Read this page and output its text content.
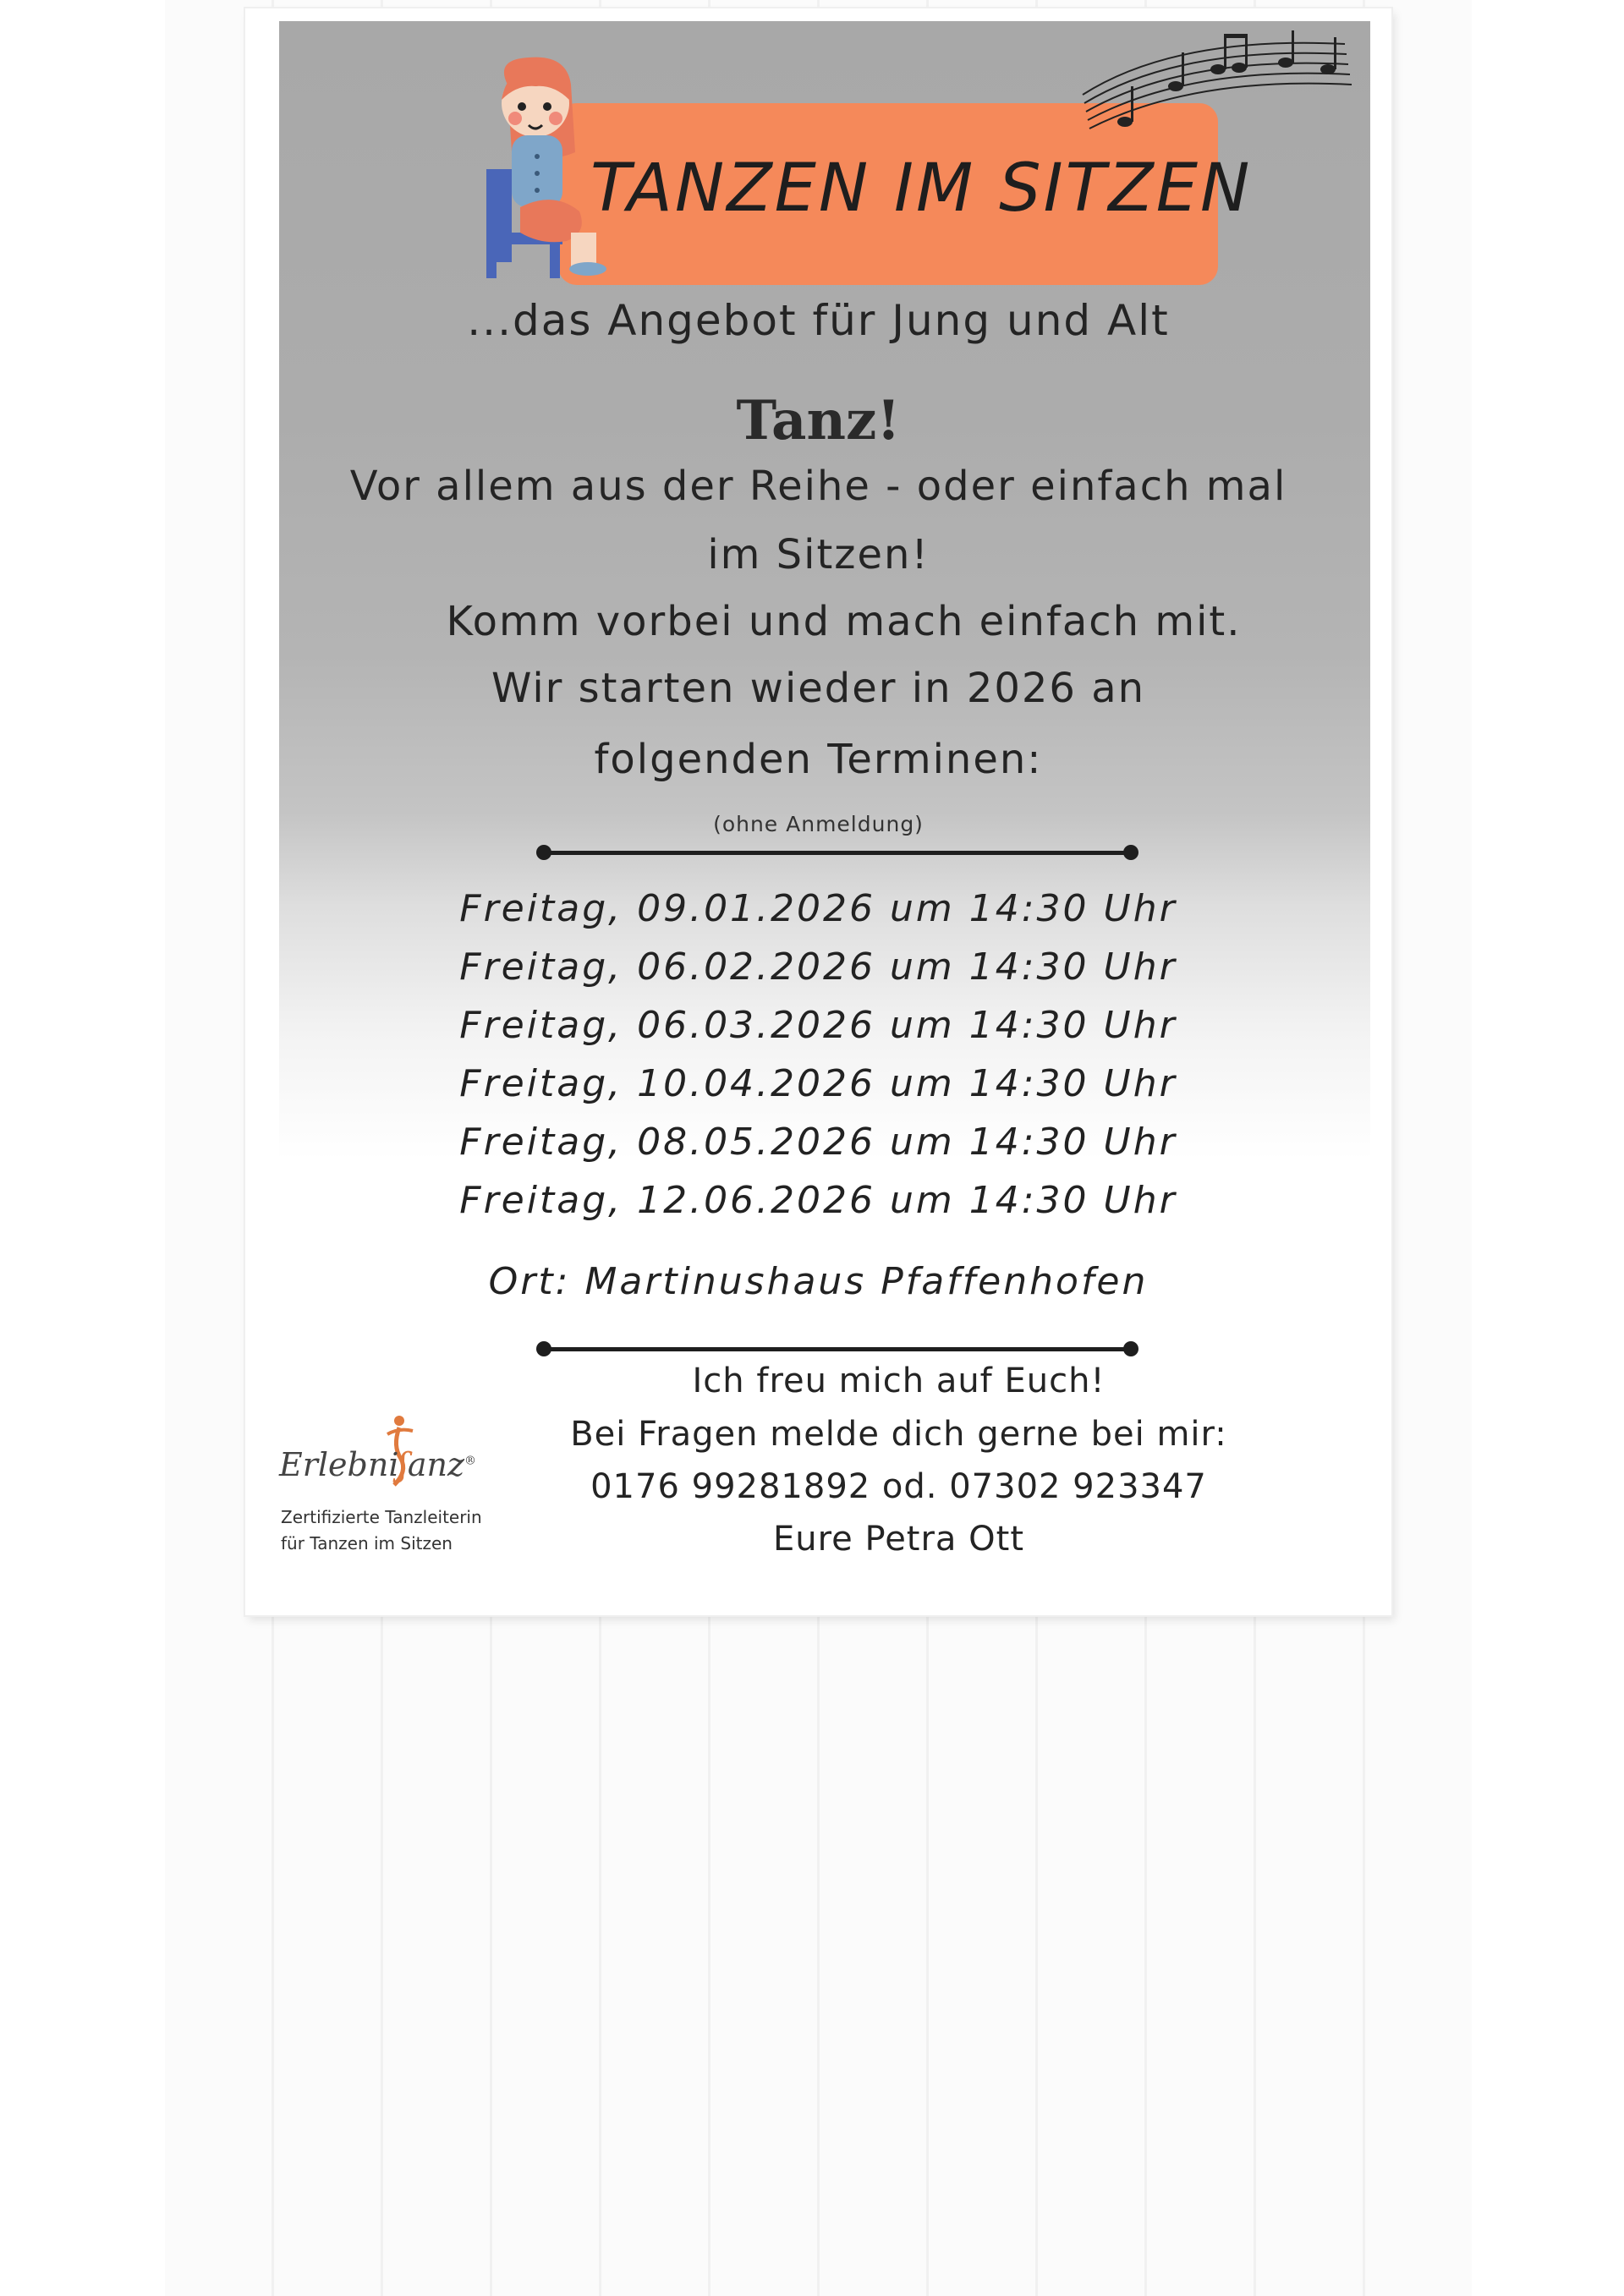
TANZEN IM SITZEN
...das Angebot für Jung und Alt
Tanz!
Vor allem aus der Reihe - oder einfach mal
im Sitzen!
Komm vorbei und mach einfach mit.
Wir starten wieder in 2026 an
folgenden Terminen:
(ohne Anmeldung)
Freitag, 09.01.2026 um 14:30 Uhr
Freitag, 06.02.2026 um 14:30 Uhr
Freitag, 06.03.2026 um 14:30 Uhr
Freitag, 10.04.2026 um 14:30 Uhr
Freitag, 08.05.2026 um 14:30 Uhr
Freitag, 12.06.2026 um 14:30 Uhr
Ort: Martinushaus Pfaffenhofen
Ich freu mich auf Euch!
Bei Fragen melde dich gerne bei mir:
0176 99281892 od. 07302 923347
Eure Petra Ott
Erlebniʃanz®
Zertifizierte Tanzleiterin
für Tanzen im Sitzen
